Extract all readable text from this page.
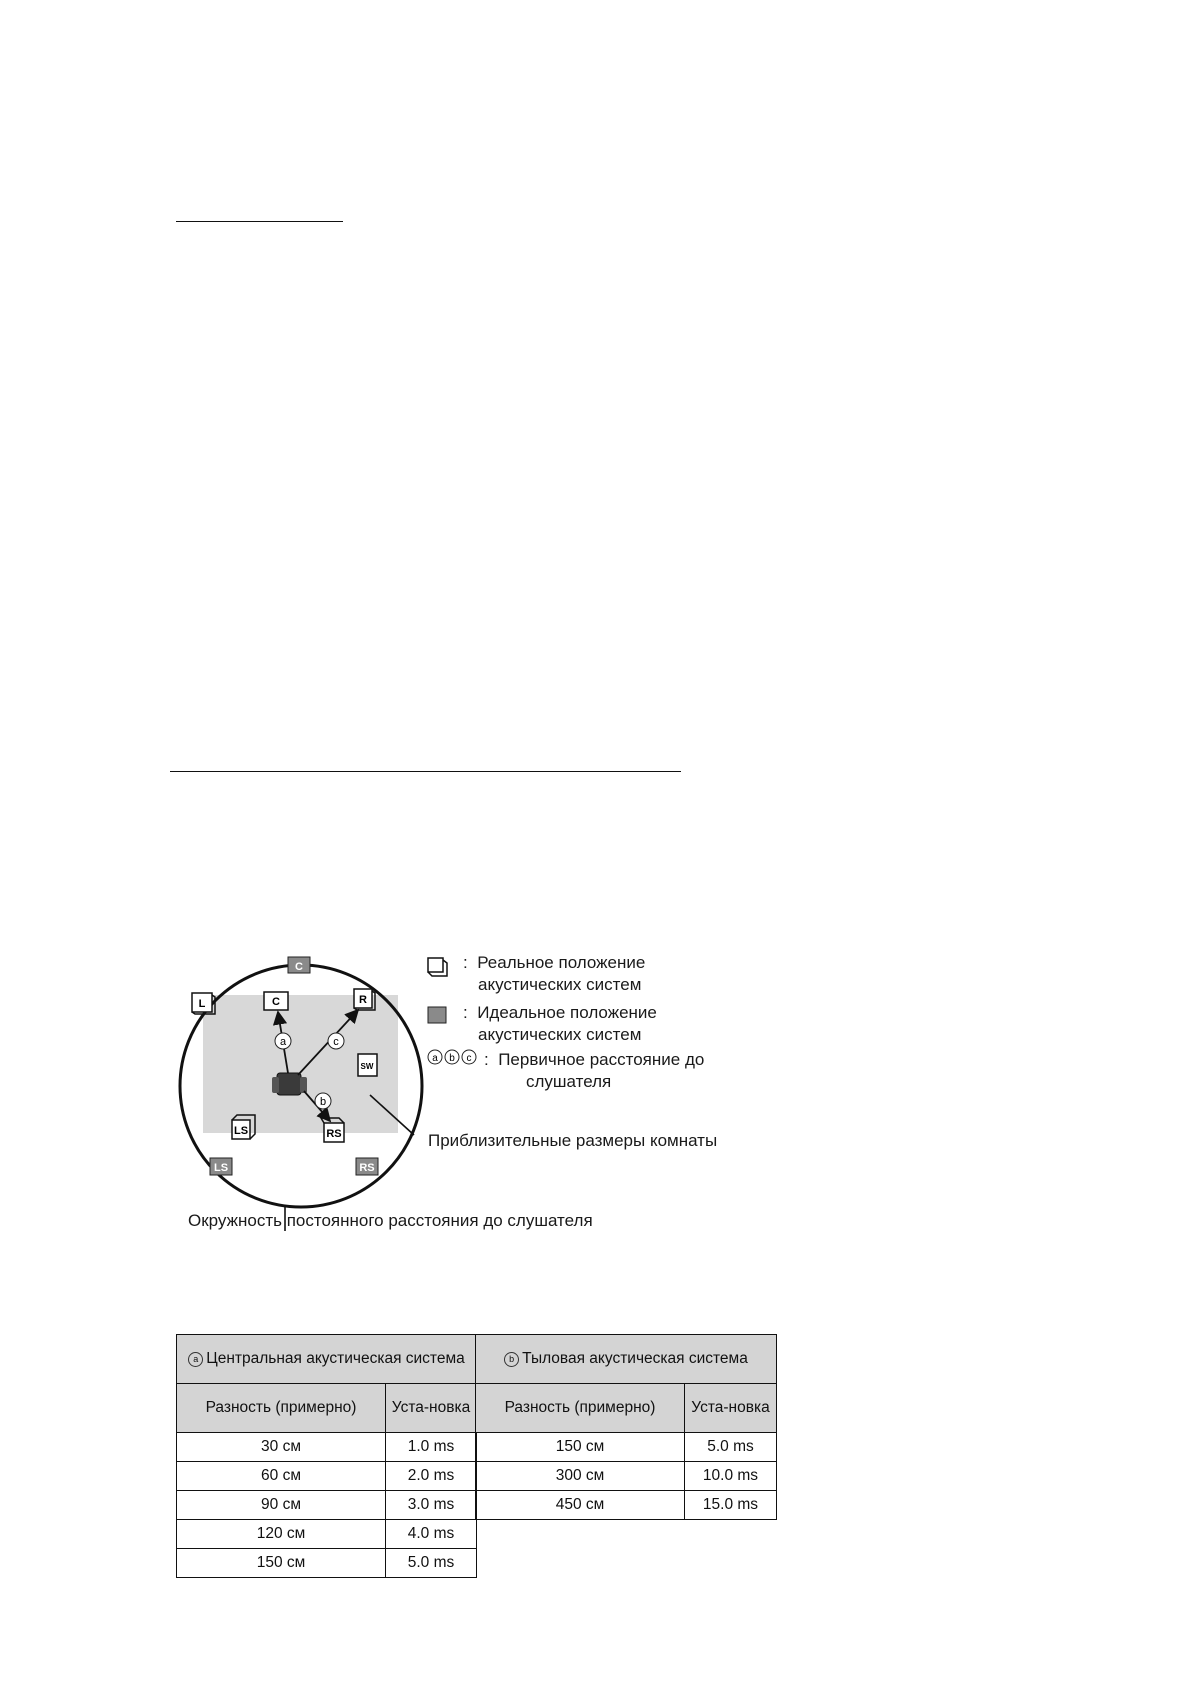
C
LS	RS
L	C	R
SW
LS	RS
a	c
b
a b c
: Реальное положение
акустических систем
: Идеальное положение
акустических систем
: Первичное расстояние до
слушателя
Приблизительные размеры комнаты
Окружность постоянного расстояния до слушателя
a Центральная акустическая система	
Разность (примерно)	Уста-новка
30 см	1.0 ms
60 см	2.0 ms
90 см	3.0 ms
120 см	4.0 ms
150 см	5.0 ms
b Тыловая акустическая система	
Разность (примерно)	Уста-новка
150 см	5.0 ms
300 см	10.0 ms
450 см	15.0 ms
